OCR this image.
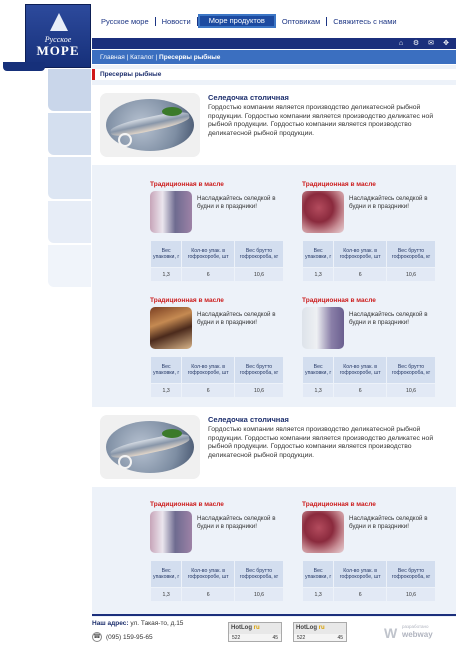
Русское
МОРЕ
Русское море	Новости	Море продуктов	Оптовикам	Свяжитесь с нами
⌂	⚙ ✉ ✥
Главная | Каталог | Пресервы рыбные
Пресервы рыбные
Селедочка столичная
Гордостью компании является производство деликатесной рыбной продукции. Гордостью компании является производство деликатес ной рыбной продукции. Гордостью компании является производство деликатесной рыбной продукции.
Традиционная в масле
Насладжайтесь селедкой в будни и в праздники!
Вес упаковки, г	Кол-во упак. в гофрокоробе, шт	Вес брутто гофрокороба, кг
1,3	6	10,6
Традиционная в масле
Насладжайтесь селедкой в будни и в праздники!
Вес упаковки, г	Кол-во упак. в гофрокоробе, шт	Вес брутто гофрокороба, кг
1,3	6	10,6
Традиционная в масле
Насладжайтесь селедкой в будни и в праздники!
Вес упаковки, г	Кол-во упак. в гофрокоробе, шт	Вес брутто гофрокороба, кг
1,3	6	10,6
Традиционная в масле
Насладжайтесь селедкой в будни и в праздники!
Вес упаковки, г	Кол-во упак. в гофрокоробе, шт	Вес брутто гофрокороба, кг
1,3	6	10,6
Селедочка столичная
Гордостью компании является производство деликатесной рыбной продукции. Гордостью компании является производство деликатес ной рыбной продукции. Гордостью компании является производство деликатесной рыбной продукции.
Традиционная в масле
Насладжайтесь селедкой в будни и в праздники!
Вес упаковки, г	Кол-во упак. в гофрокоробе, шт	Вес брутто гофрокороба, кг
1,3	6	10,6
Традиционная в масле
Насладжайтесь селедкой в будни и в праздники!
Вес упаковки, г	Кол-во упак. в гофрокоробе, шт	Вес брутто гофрокороба, кг
1,3	6	10,6
Наш адрес: ул. Такая-то, д.15
☎ (095) 159-95-65
HotLog ru
522	45
HotLog ru
522	45	W разработано
webway
